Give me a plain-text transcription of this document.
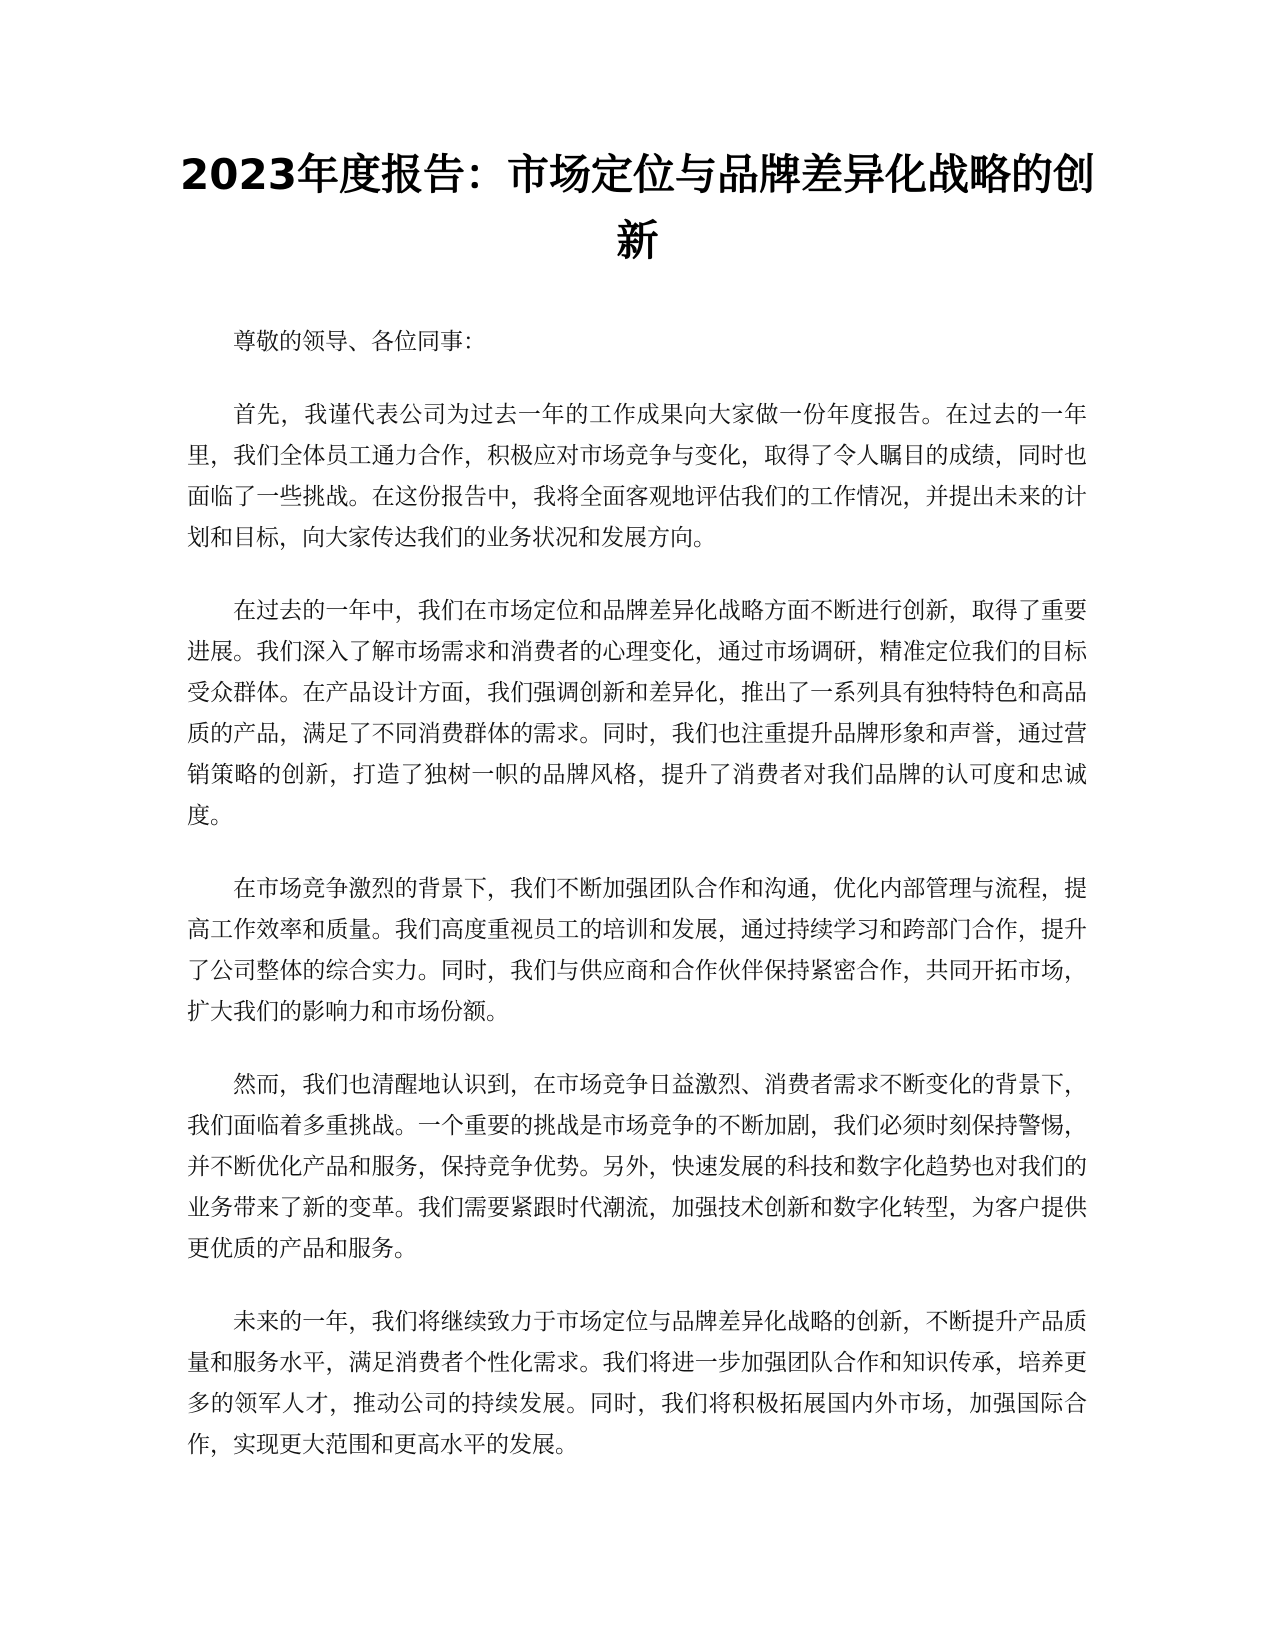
2023年度报告：市场定位与品牌差异化战略的创新

尊敬的领导、各位同事：

首先，我谨代表公司为过去一年的工作成果向大家做一份年度报告。在过去的一年里，我们全体员工通力合作，积极应对市场竞争与变化，取得了令人瞩目的成绩，同时也面临了一些挑战。在这份报告中，我将全面客观地评估我们的工作情况，并提出未来的计划和目标，向大家传达我们的业务状况和发展方向。

在过去的一年中，我们在市场定位和品牌差异化战略方面不断进行创新，取得了重要进展。我们深入了解市场需求和消费者的心理变化，通过市场调研，精准定位我们的目标受众群体。在产品设计方面，我们强调创新和差异化，推出了一系列具有独特特色和高品质的产品，满足了不同消费群体的需求。同时，我们也注重提升品牌形象和声誉，通过营销策略的创新，打造了独树一帜的品牌风格，提升了消费者对我们品牌的认可度和忠诚度。

在市场竞争激烈的背景下，我们不断加强团队合作和沟通，优化内部管理与流程，提高工作效率和质量。我们高度重视员工的培训和发展，通过持续学习和跨部门合作，提升了公司整体的综合实力。同时，我们与供应商和合作伙伴保持紧密合作，共同开拓市场，扩大我们的影响力和市场份额。

然而，我们也清醒地认识到，在市场竞争日益激烈、消费者需求不断变化的背景下，我们面临着多重挑战。一个重要的挑战是市场竞争的不断加剧，我们必须时刻保持警惕，并不断优化产品和服务，保持竞争优势。另外，快速发展的科技和数字化趋势也对我们的业务带来了新的变革。我们需要紧跟时代潮流，加强技术创新和数字化转型，为客户提供更优质的产品和服务。

未来的一年，我们将继续致力于市场定位与品牌差异化战略的创新，不断提升产品质量和服务水平，满足消费者个性化需求。我们将进一步加强团队合作和知识传承，培养更多的领军人才，推动公司的持续发展。同时，我们将积极拓展国内外市场，加强国际合作，实现更大范围和更高水平的发展。
